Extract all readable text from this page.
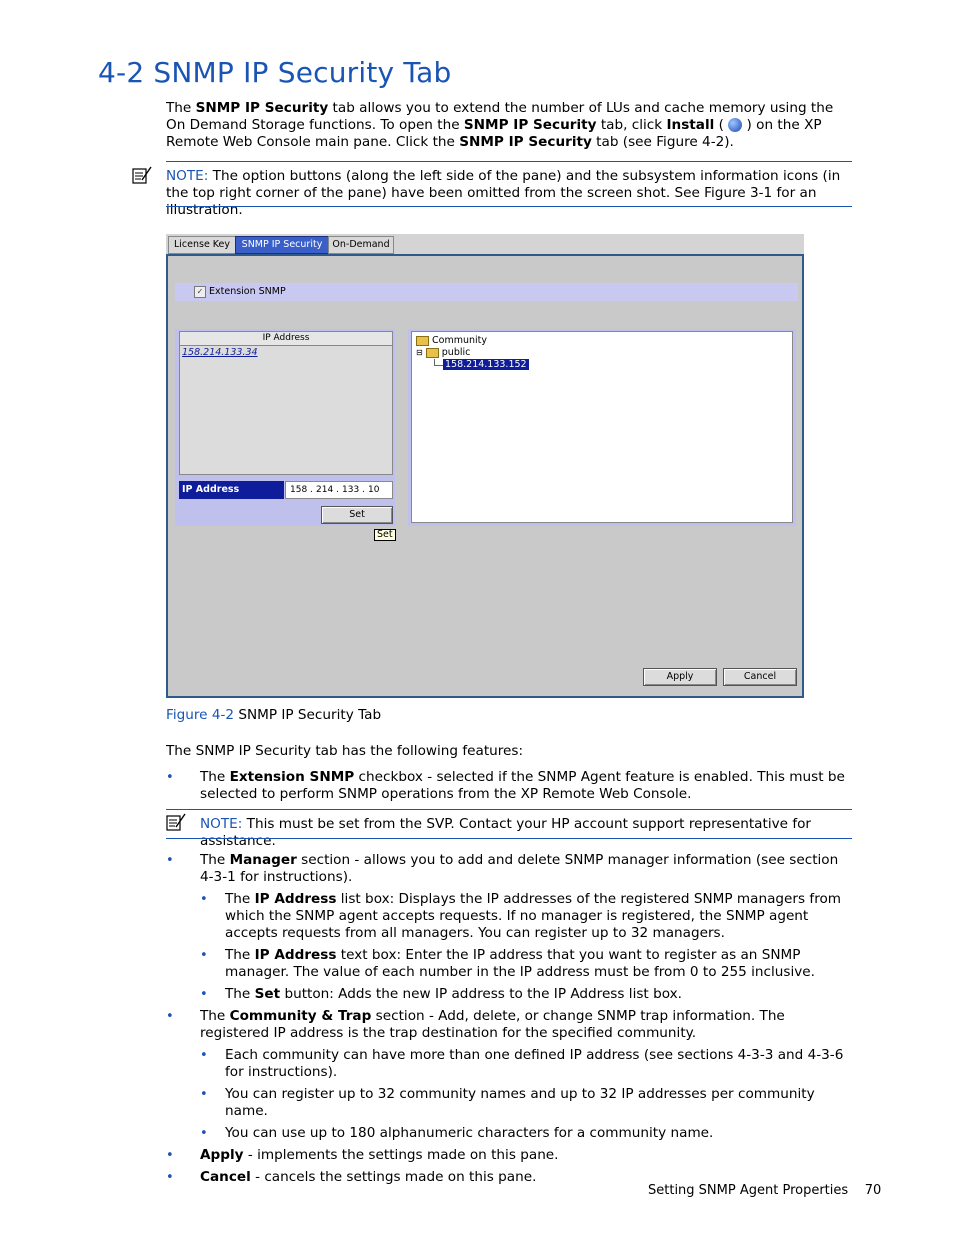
4-2 SNMP IP Security Tab
The SNMP IP Security tab allows you to extend the number of LUs and cache memory using the On Demand Storage functions. To open the SNMP IP Security tab, click Install (  ) on the XP Remote Web Console main pane. Click the SNMP IP Security tab (see Figure 4-2).
NOTE: The option buttons (along the left side of the pane) and the subsystem information icons (in the top right corner of the pane) have been omitted from the screen shot. See Figure 3-1 for an illustration.
License Key	SNMP IP Security	On-Demand
✓ Extension SNMP
IP Address
158.214.133.34
IP Address	158 . 214 . 133 . 10
Set
Set
Community
⊟ public
158.214.133.152
Apply	Cancel
Figure 4-2 SNMP IP Security Tab
The SNMP IP Security tab has the following features:
• The Extension SNMP checkbox - selected if the SNMP Agent feature is enabled. This must be selected to perform SNMP operations from the XP Remote Web Console.
NOTE: This must be set from the SVP. Contact your HP account support representative for assistance.
• The Manager section - allows you to add and delete SNMP manager information (see section 4-3-1 for instructions).
• The IP Address list box: Displays the IP addresses of the registered SNMP managers from which the SNMP agent accepts requests. If no manager is registered, the SNMP agent accepts requests from all managers. You can register up to 32 managers.
• The IP Address text box: Enter the IP address that you want to register as an SNMP manager. The value of each number in the IP address must be from 0 to 255 inclusive.
• The Set button: Adds the new IP address to the IP Address list box.
• The Community & Trap section - Add, delete, or change SNMP trap information. The registered IP address is the trap destination for the specified community.
• Each community can have more than one defined IP address (see sections 4-3-3 and 4-3-6 for instructions).
• You can register up to 32 community names and up to 32 IP addresses per community name.
• You can use up to 180 alphanumeric characters for a community name.
• Apply - implements the settings made on this pane.
• Cancel - cancels the settings made on this pane.
Setting SNMP Agent Properties 70
